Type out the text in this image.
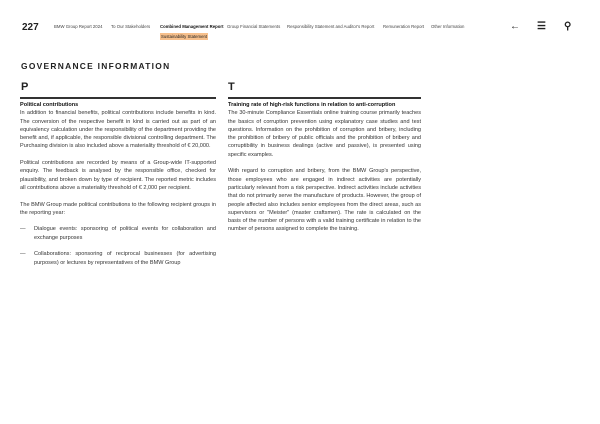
227	BMW Group Report 2024 To Our Stakeholders Combined Management Report Group Financial Statements Responsibility Statement and Auditor's Report Remuneration Report Other Information
Sustainability Statement
← ☰ ⚲
GOVERNANCE INFORMATION
P	T
Political contributions

In addition to financial benefits, political contributions include benefits in kind. The conversion of the respective benefit in kind is carried out as part of an equivalency calculation under the responsibility of the department providing the benefit and, if applicable, the responsible divisional controlling department. The Purchasing division is also included above a materiality threshold of € 20,000.

Political contributions are recorded by means of a Group-wide IT-supported enquiry. The feedback is analysed by the responsible office, checked for plausibility, and broken down by type of recipient. The reported metric includes all contributions above a materiality threshold of € 2,000 per recipient.

The BMW Group made political contributions to the following recipient groups in the reporting year:

—	Dialogue events: sponsoring of political events for collaboration and exchange purposes
—	Collaborations: sponsoring of reciprocal businesses (for advertising purposes) or lectures by representatives of the BMW Group
Training rate of high-risk functions in relation to anti-corruption

The 30-minute Compliance Essentials online training course primarily teaches the basics of corruption prevention using explanatory case studies and test questions. Information on the prohibition of corruption and bribery, including the prohibition of bribery of public officials and the prohibition of bribery and corruptibility in business dealings (active and passive), is presented using specific examples.

With regard to corruption and bribery, from the BMW Group's perspective, those employees who are engaged in indirect activities are potentially particularly relevant from a risk perspective. Indirect activities include activities that do not primarily serve the manufacture of products. However, the group of people affected also includes senior employees from the direct areas, such as supervisors or "Meister" (master craftsmen). The rate is calculated on the basis of the number of persons with a valid training certificate in relation to the number of persons assigned to complete the training.
